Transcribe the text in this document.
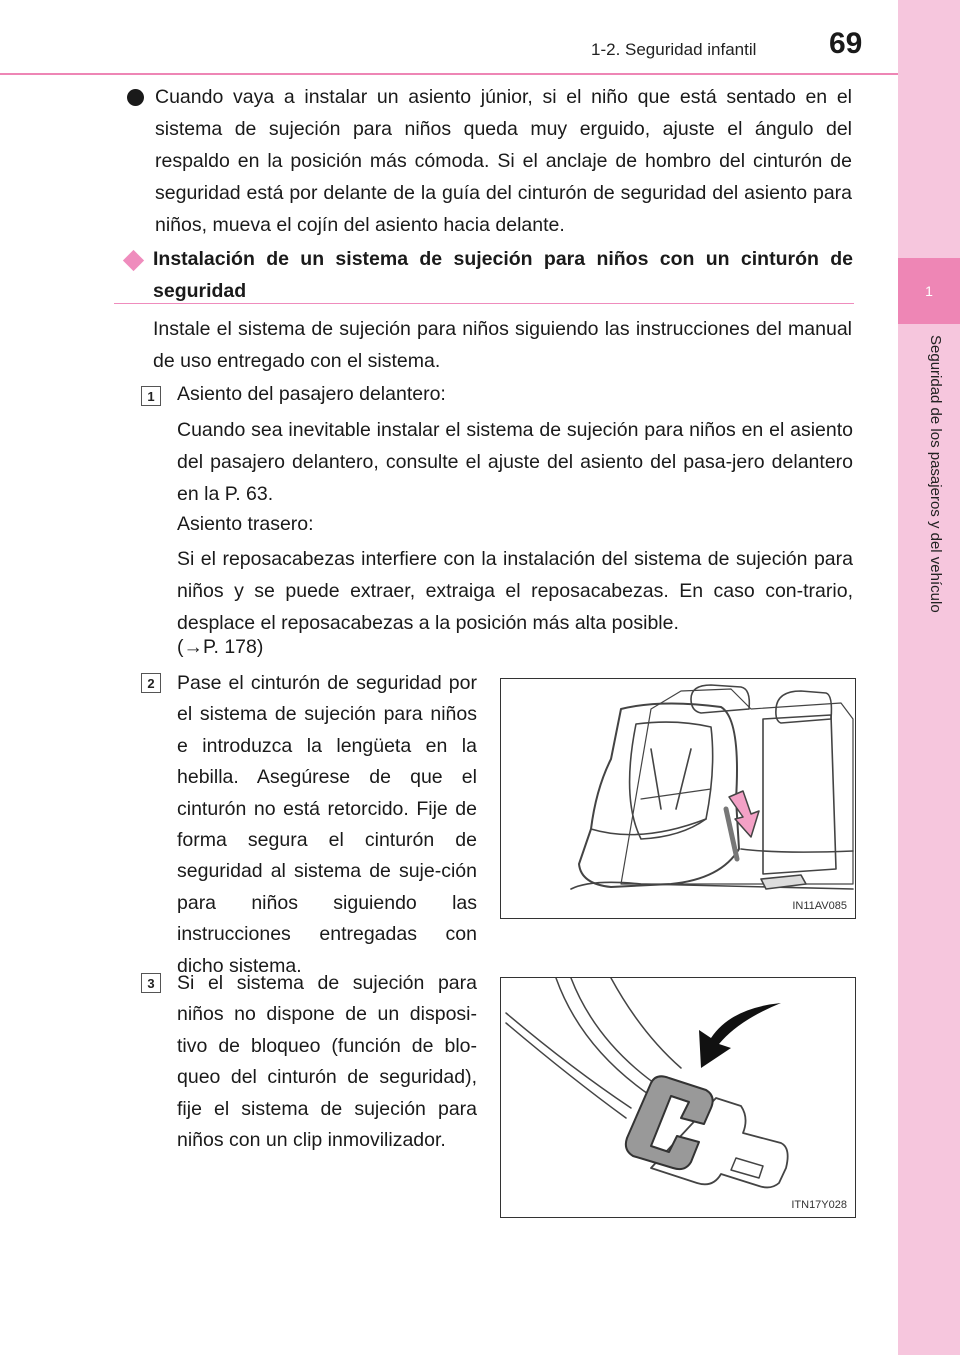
1
Seguridad de los pasajeros y del vehículo
1-2. Seguridad infantil 69
Cuando vaya a instalar un asiento júnior, si el niño que está sentado en el sistema de sujeción para niños queda muy erguido, ajuste el ángulo del respaldo en la posición más cómoda. Si el anclaje de hombro del cinturón de seguridad está por delante de la guía del cinturón de seguridad del asiento para niños, mueva el cojín del asiento hacia delante.
Instalación de un sistema de sujeción para niños con un cinturón de seguridad
Instale el sistema de sujeción para niños siguiendo las instrucciones del manual de uso entregado con el sistema.
1	Asiento del pasajero delantero:
Cuando sea inevitable instalar el sistema de sujeción para niños en el asiento del pasajero delantero, consulte el ajuste del asiento del pasa-jero delantero en la P. 63.
Asiento trasero:
Si el reposacabezas interfiere con la instalación del sistema de sujeción para niños y se puede extraer, extraiga el reposacabezas. En caso con-trario, desplace el reposacabezas a la posición más alta posible.
(→P. 178)
2	Pase el cinturón de seguridad por el sistema de sujeción para niños e introduzca la lengüeta en la hebilla. Asegúrese de que el cinturón no está retorcido. Fije de forma segura el cinturón de seguridad al sistema de suje-ción para niños siguiendo las instrucciones entregadas con dicho sistema.
IN11AV085
3	Si el sistema de sujeción para niños no dispone de un disposi-tivo de bloqueo (función de blo-queo del cinturón de seguridad), fije el sistema de sujeción para niños con un clip inmovilizador.
ITN17Y028
